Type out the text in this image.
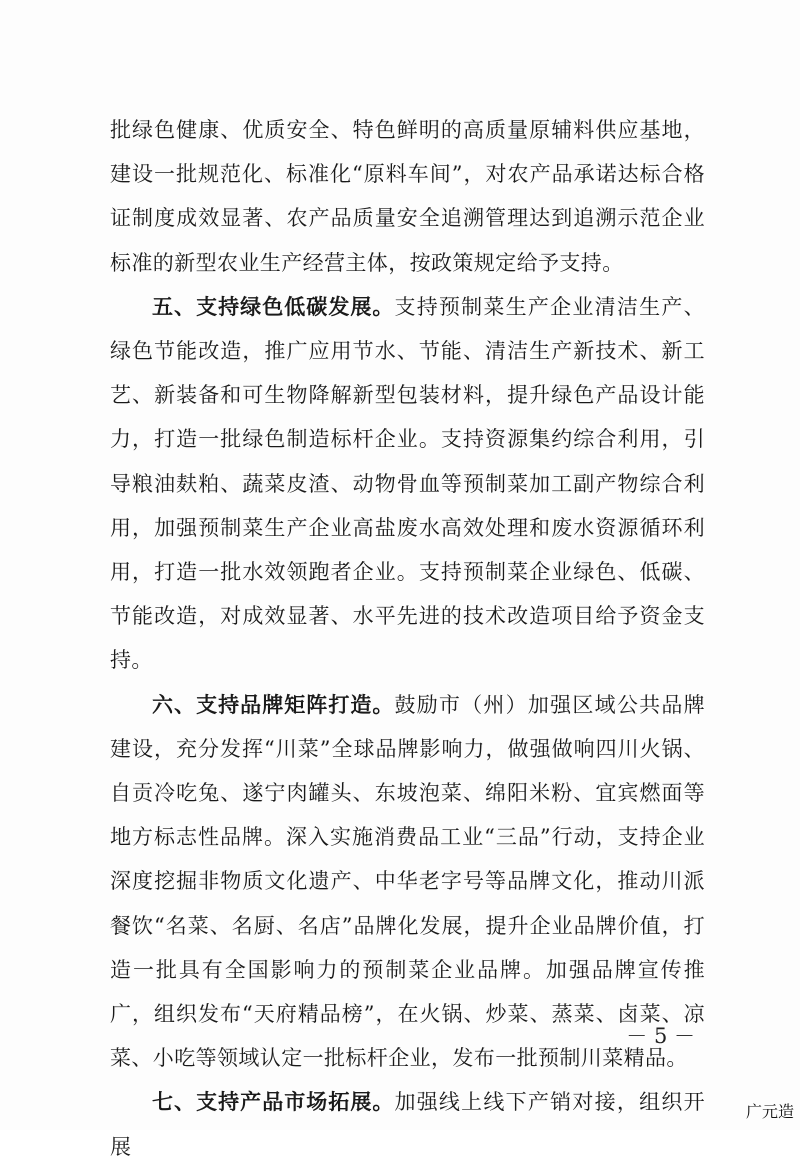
批绿色健康、优质安全、特色鲜明的高质量原辅料供应基地，建设一批规范化、标准化“原料车间”，对农产品承诺达标合格证制度成效显著、农产品质量安全追溯管理达到追溯示范企业标准的新型农业生产经营主体，按政策规定给予支持。

五、支持绿色低碳发展。支持预制菜生产企业清洁生产、绿色节能改造，推广应用节水、节能、清洁生产新技术、新工艺、新装备和可生物降解新型包装材料，提升绿色产品设计能力，打造一批绿色制造标杆企业。支持资源集约综合利用，引导粮油麸粕、蔬菜皮渣、动物骨血等预制菜加工副产物综合利用，加强预制菜生产企业高盐废水高效处理和废水资源循环利用，打造一批水效领跑者企业。支持预制菜企业绿色、低碳、节能改造，对成效显著、水平先进的技术改造项目给予资金支持。

六、支持品牌矩阵打造。鼓励市（州）加强区域公共品牌建设，充分发挥“川菜”全球品牌影响力，做强做响四川火锅、自贡冷吃兔、遂宁肉罐头、东坡泡菜、绵阳米粉、宜宾燃面等地方标志性品牌。深入实施消费品工业“三品”行动，支持企业深度挖掘非物质文化遗产、中华老字号等品牌文化，推动川派餐饮“名菜、名厨、名店”品牌化发展，提升企业品牌价值，打造一批具有全国影响力的预制菜企业品牌。加强品牌宣传推广，组织发布“天府精品榜”，在火锅、炒菜、蒸菜、卤菜、凉菜、小吃等领域认定一批标杆企业，发布一批预制川菜精品。

七、支持产品市场拓展。加强线上线下产销对接，组织开展

－ 5 －
广元造
